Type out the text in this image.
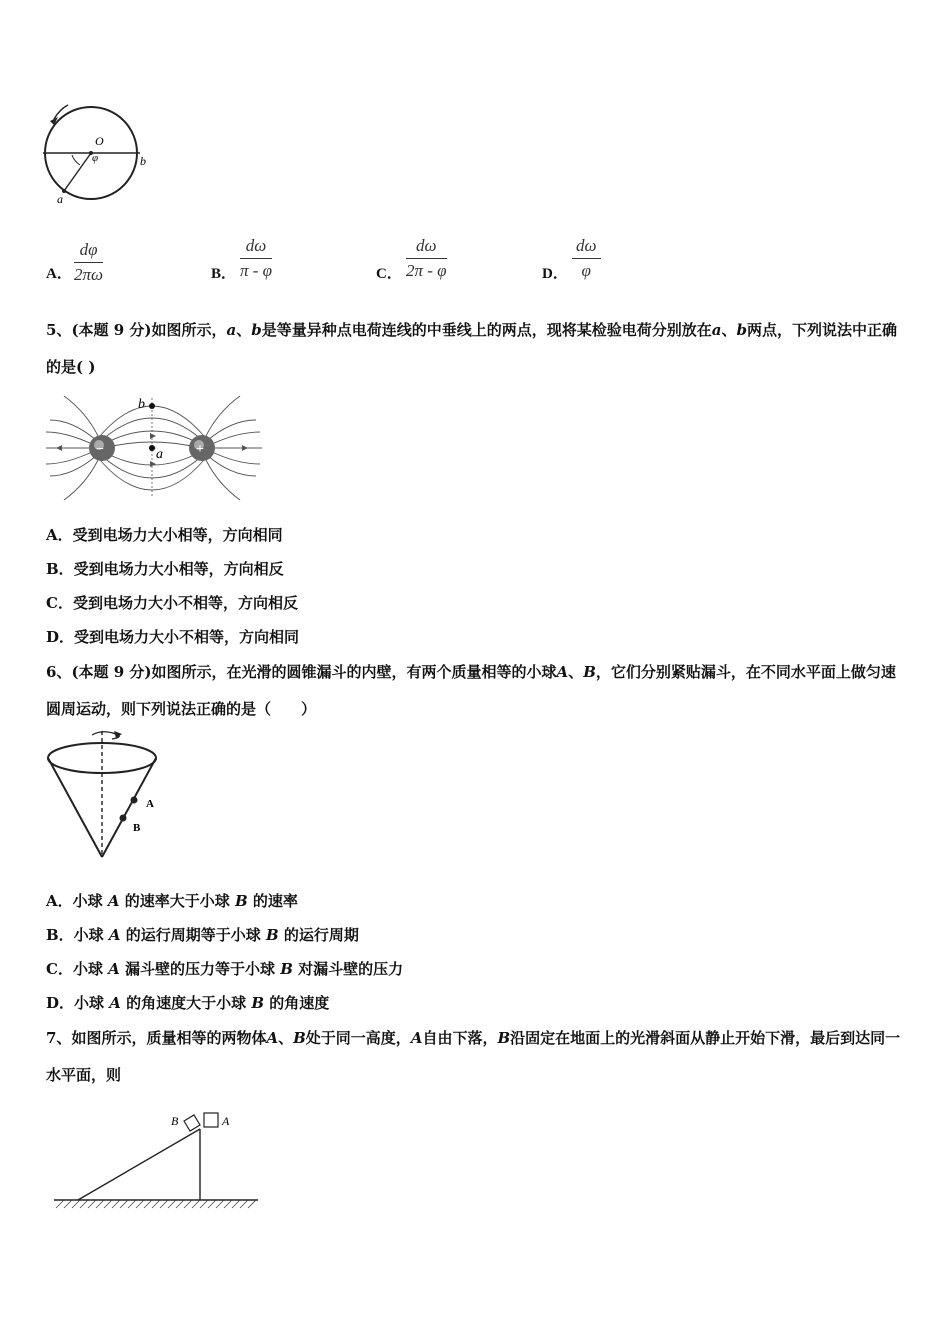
O
φ	b
a
A． $\frac{d\varphi}{2\pi\omega}$	B． $\frac{d\omega}{\pi - \varphi}$	C． $\frac{d\omega}{2\pi - \varphi}$	D． $\frac{d\omega}{\varphi}$
5、(本题 9 分)如图所示，a、b是等量异种点电荷连线的中垂线上的两点，现将某检验电荷分别放在a、b两点，下列说法中正确的是( )
−	+
b
a
A．受到电场力大小相等，方向相同
B．受到电场力大小相等，方向相反
C．受到电场力大小不相等，方向相反
D．受到电场力大小不相等，方向相同
6、(本题 9 分)如图所示，在光滑的圆锥漏斗的内壁，有两个质量相等的小球A、B，它们分别紧贴漏斗，在不同水平面上做匀速圆周运动，则下列说法正确的是（　　）
A
B
A．小球 A 的速率大于小球 B 的速率
B．小球 A 的运行周期等于小球 B 的运行周期
C．小球 A 漏斗壁的压力等于小球 B 对漏斗壁的压力
D．小球 A 的角速度大于小球 B 的角速度
7、如图所示，质量相等的两物体A、B处于同一高度，A自由下落，B沿固定在地面上的光滑斜面从静止开始下滑，最后到达同一水平面，则
B	A
